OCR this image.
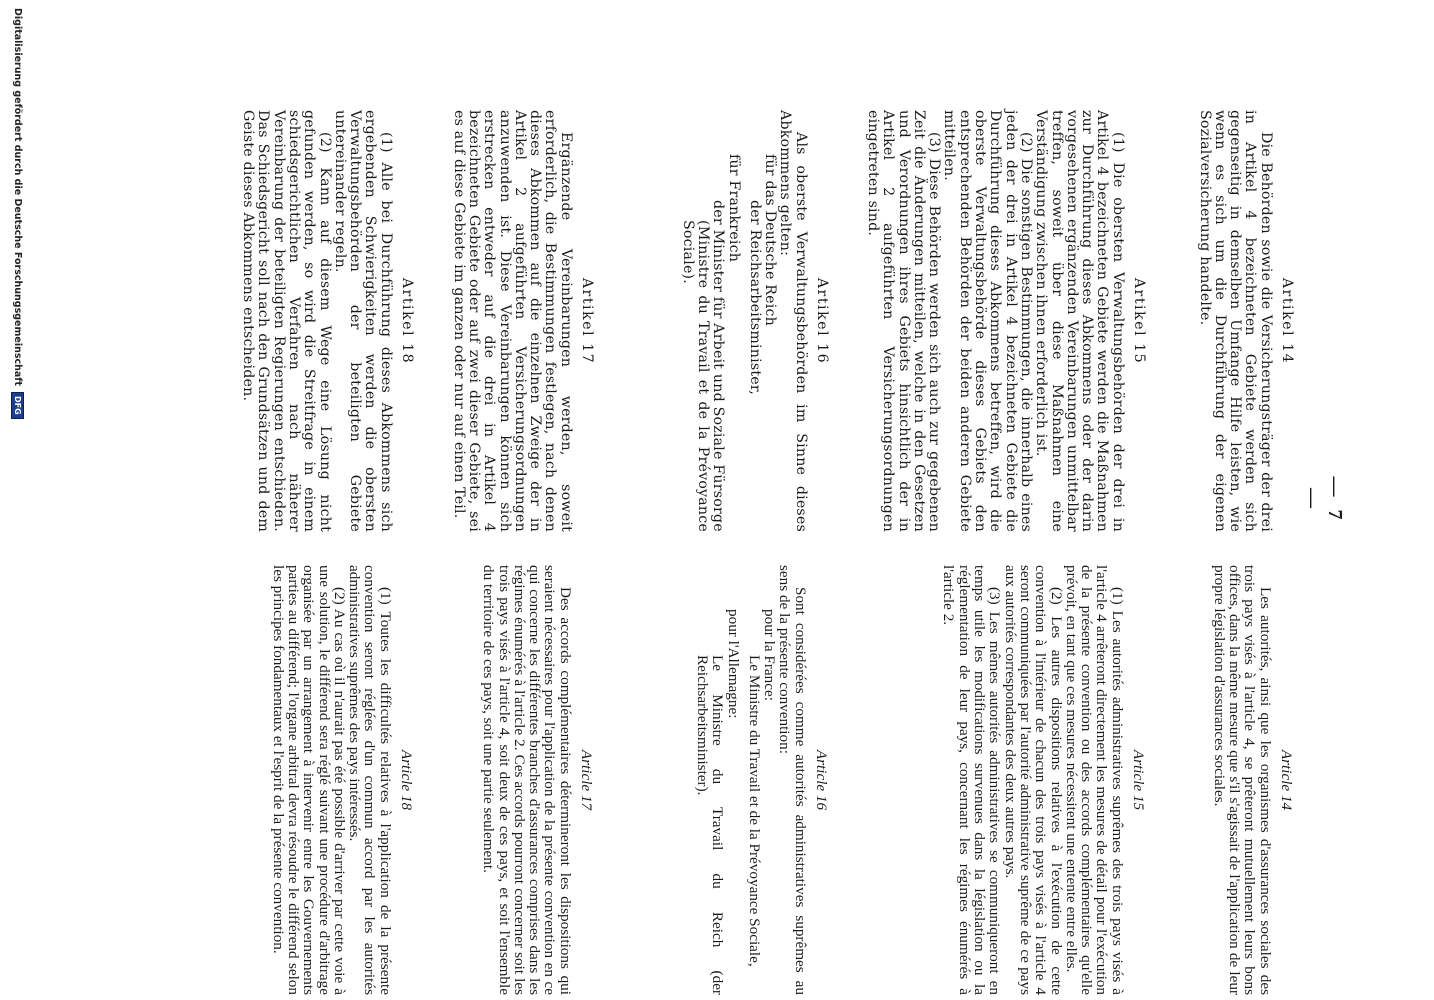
— 7 —
Artikel 14

Die Behörden sowie die Versicherungsträger der drei in Artikel 4 bezeichneten Gebiete werden sich gegenseitig in demselben Umfange Hilfe leisten, wie wenn es sich um die Durchführung der eigenen Sozialversicherung handelte.

Artikel 15

(1) Die obersten Verwaltungsbehörden der drei in Artikel 4 bezeichneten Gebiete werden die Maßnahmen zur Durchführung dieses Abkommens oder der darin vorgesehenen ergänzenden Vereinbarungen unmittelbar treffen, soweit über diese Maßnahmen eine Verständigung zwischen ihnen erforderlich ist.

(2) Die sonstigen Bestimmungen, die innerhalb eines jeden der drei in Artikel 4 bezeichneten Gebiete die Durchführung dieses Abkommens betreffen, wird die oberste Verwaltungsbehörde dieses Gebiets den entsprechenden Behörden der beiden anderen Gebiete mitteilen.

(3) Diese Behörden werden sich auch zur gegebenen Zeit die Änderungen mitteilen, welche in den Gesetzen und Verordnungen ihres Gebiets hinsichtlich der in Artikel 2 aufgeführten Versicherungsordnungen eingetreten sind.

Artikel 16

Als oberste Verwaltungsbehörden im Sinne dieses Abkommens gelten:

für das Deutsche Reich

der Reichsarbeitsminister,

für Frankreich

der Minister für Arbeit und Soziale Fürsorge

(Ministre du Travail et de la Prévoyance Sociale).

Artikel 17

Ergänzende Vereinbarungen werden, soweit erforderlich, die Bestimmungen festlegen, nach denen dieses Abkommen auf die einzelnen Zweige der in Artikel 2 aufgeführten Versicherungsordnungen anzuwenden ist. Diese Vereinbarungen können sich erstrecken entweder auf die drei in Artikel 4 bezeichneten Gebiete oder auf zwei dieser Gebiete, sei es auf diese Gebiete im ganzen oder nur auf einen Teil.

Artikel 18

(1) Alle bei Durchführung dieses Abkommens sich ergebenden Schwierigkeiten werden die obersten Verwaltungsbehörden der beteiligten Gebiete untereinander regeln.

(2) Kann auf diesem Wege eine Lösung nicht gefunden werden, so wird die Streitfrage in einem schiedsgerichtlichen Verfahren nach näherer Vereinbarung der beteiligten Regierungen entschieden. Das Schiedsgericht soll nach den Grundsätzen und dem Geiste dieses Abkommens entscheiden.

Article 14

Les autorités, ainsi que les organismes d'assurances sociales des trois pays visés à l'article 4, se prêteront mutuellement leurs bons offices, dans la même mesure que s'il s'agissait de l'application de leur propre législation d'assurances sociales.

Article 15

(1) Les autorités administratives suprêmes des trois pays visés à l'article 4 arrêteront directement les mesures de détail pour l'exécution de la présente convention ou des accords complémentaires qu'elle prévoit, en tant que ces mesures nécessitent une entente entre elles.

(2) Les autres dispositions relatives à l'exécution de cette convention à l'intérieur de chacun des trois pays visés à l'article 4 seront communiquées par l'autorité administrative suprême de ce pays aux autorités correspondantes des deux autres pays.

(3) Les mêmes autorités administratives se communiqueront en temps utile les modifications survenues dans la législation ou la réglementation de leur pays, concernant les régimes énumérés à l'article 2.

Article 16

Sont considérées comme autorités administratives suprêmes au sens de la présente convention:

pour la France:

Le Ministre du Travail et de la Prévoyance Sociale,

pour l'Allemagne:

Le Ministre du Travail du Reich (der Reichsarbeitsminister).

Article 17

Des accords complémentaires détermineront les dispositions qui seraient nécessaires pour l'application de la présente convention en ce qui concerne les différentes branches d'assurances comprises dans les régimes énumérés à l'article 2. Ces accords pourront concerner soit les trois pays visés à l'article 4, soit deux de ces pays, et soit l'ensemble du territoire de ces pays, soit une partie seulement.

Article 18

(1) Toutes les difficultés relatives à l'application de la présente convention seront réglées d'un commun accord par les autorités administratives suprêmes des pays intéressés.

(2) Au cas où il n'aurait pas été possible d'arriver par cette voie à une solution, le différend sera réglé suivant une procédure d'arbitrage organisée par un arrangement à intervenir entre les Gouvernements parties au différend; l'organe arbitral devra résoudre le différend selon les principes fondamentaux et l'esprit de la présente convention.

Digitalisierung gefördert durch die Deutsche Forschungsgemeinschaft
DFG
